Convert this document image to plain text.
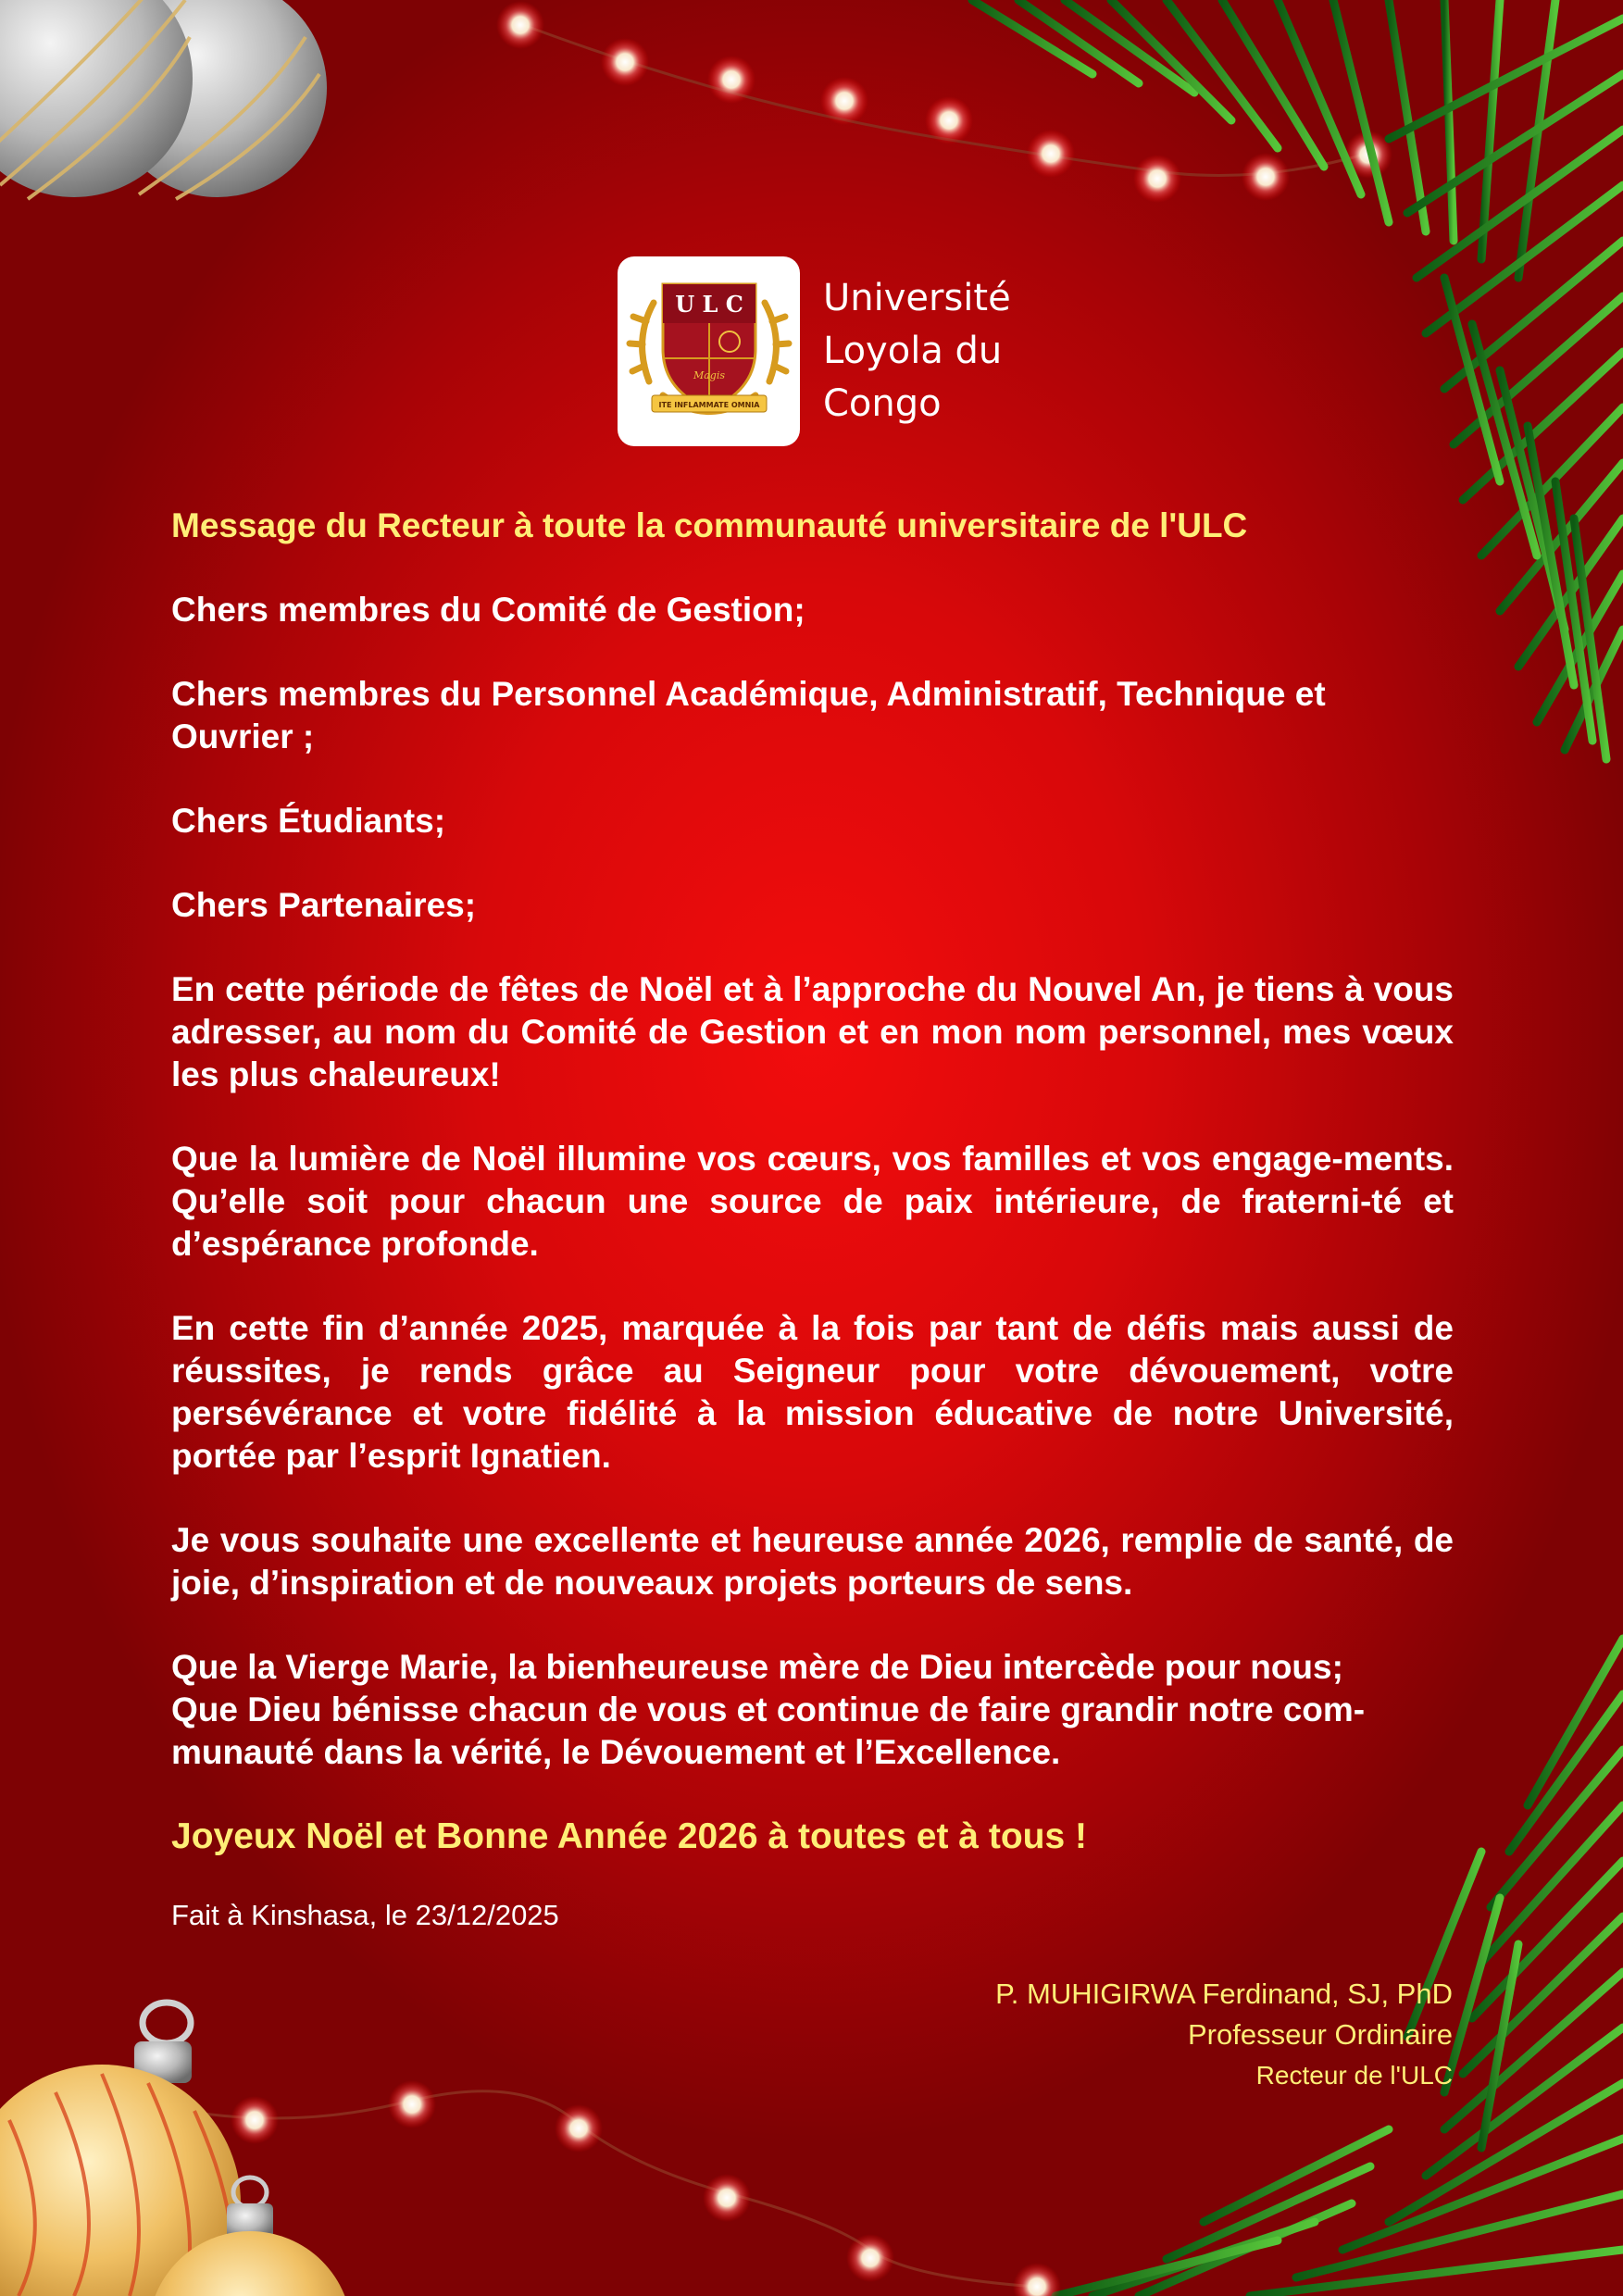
U L C
Magis
ITE INFLAMMATE OMNIA
Université
Loyola du
Congo

Message du Recteur à toute la communauté universitaire de l'ULC

Chers membres du Comité de Gestion;

Chers membres du Personnel Académique, Administratif, Technique et Ouvrier ;

Chers Étudiants;

Chers Partenaires;

En cette période de fêtes de Noël et à l’approche du Nouvel An, je tiens à vous adresser, au nom du Comité de Gestion et en mon nom personnel, mes vœux les plus chaleureux!

Que la lumière de Noël illumine vos cœurs, vos familles et vos engage-ments. Qu’elle soit pour chacun une source de paix intérieure, de fraterni-té et d’espérance profonde.

En cette fin d’année 2025, marquée à la fois par tant de défis mais aussi de réussites, je rends grâce au Seigneur pour votre dévouement, votre persévérance et votre fidélité à la mission éducative de notre Université, portée par l’esprit Ignatien.

Je vous souhaite une excellente et heureuse année 2026, remplie de santé, de joie, d’inspiration et de nouveaux projets porteurs de sens.

Que la Vierge Marie, la bienheureuse mère de Dieu intercède pour nous;

Que Dieu bénisse chacun de vous et continue de faire grandir notre com-munauté dans la vérité, le Dévouement et l’Excellence.

Joyeux Noël et Bonne Année 2026 à toutes et à tous !

Fait à Kinshasa, le 23/12/2025
P. MUHIGIRWA Ferdinand, SJ, PhD
Professeur Ordinaire
Recteur de l'ULC
